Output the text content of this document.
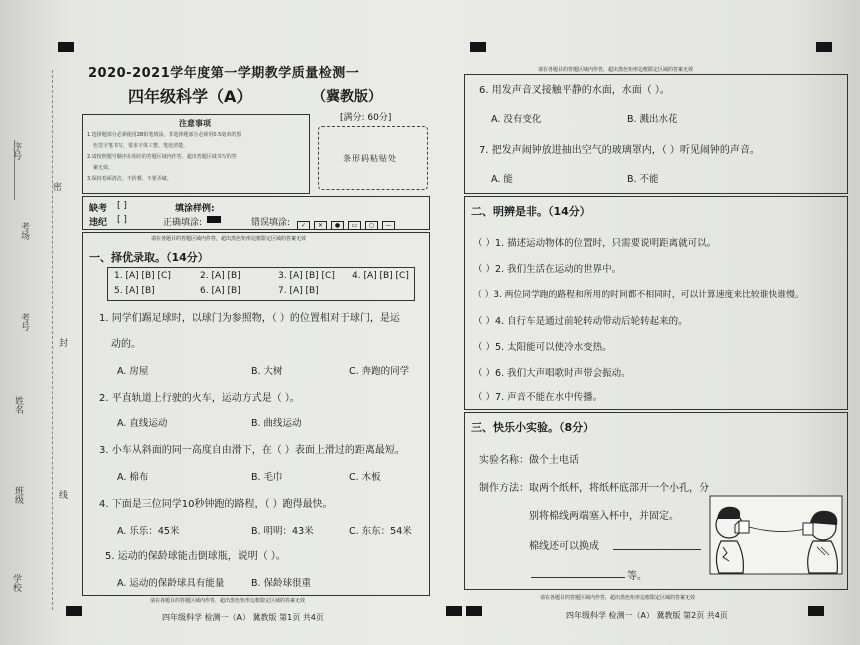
序号
考场
考号
姓名
班级
学校
密
封
线
2020-2021学年度第一学期教学质量检测一
四年级科学（A）	（冀教版）
[满分: 60分]
注意事项
1.选择题部分必须使用2B铅笔填涂，非选择题部分必须用0.5毫米的黑
色签字笔书写，要求字体工整、笔迹清楚。
2.请按照题号顺序在相应的答题区域内作答，超出答题区域书写的答
案无效。
3.保持卷面清洁，不折叠、不要弄破。
条形码粘贴处
缺考 [ ]
违纪 [ ]
填涂样例:
正确填涂:	错误填涂:	✓ ✕ ● ▭ ○ —
请在各题目的答题区域内作答，超出黑色矩形边框限定区域的答案无效
一、择优录取。（14分）
1. [A] [B] [C]	2. [A] [B]	3. [A] [B] [C] 4. [A] [B] [C]
5. [A] [B]	6. [A] [B]	7. [A] [B]
1. 同学们踢足球时，以球门为参照物，（ ）的位置相对于球门，是运
动的。
A. 房屋	B. 大树	C. 奔跑的同学
2. 平直轨道上行驶的火车，运动方式是（ ）。
A. 直线运动	B. 曲线运动
3. 小车从斜面的同一高度自由滑下，在（ ）表面上滑过的距离最短。
A. 棉布	B. 毛巾	C. 木板
4. 下面是三位同学10秒钟跑的路程，（ ）跑得最快。
A. 乐乐：45米	B. 明明：43米	C. 东东：54米
5. 运动的保龄球能击倒球瓶，说明（ ）。
A. 运动的保龄球具有能量	B. 保龄球很重
请在各题目的答题区域内作答，超出黑色矩形边框限定区域的答案无效
四年级科学 检测一（A） 冀教版 第1页 共4页
请在各题目的答题区域内作答，超出黑色矩形边框限定区域的答案无效
6. 用发声音叉接触平静的水面，水面（ ）。
A. 没有变化	B. 溅出水花
7. 把发声闹钟放进抽出空气的玻璃罩内，（ ）听见闹钟的声音。
A. 能	B. 不能
二、明辨是非。（14分）
（ ）1. 描述运动物体的位置时，只需要说明距离就可以。
（ ）2. 我们生活在运动的世界中。
（ ）3. 两位同学跑的路程和所用的时间都不相同时，可以计算速度来比较谁快谁慢。
（ ）4. 自行车是通过前轮转动带动后轮转起来的。
（ ）5. 太阳能可以使冷水变热。
（ ）6. 我们大声唱歌时声带会振动。
（ ）7. 声音不能在水中传播。
三、快乐小实验。（8分）
实验名称：做个土电话
制作方法：取两个纸杯，将纸杯底部开一个小孔，分
别将棉线两端塞入杯中，并固定。
棉线还可以换成
等。
请在各题目的答题区域内作答，超出黑色矩形边框限定区域的答案无效
四年级科学 检测一（A） 冀教版 第2页 共4页
